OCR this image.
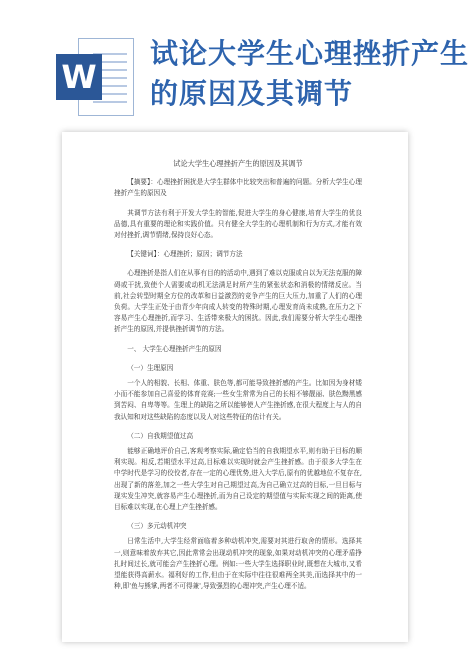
W
试论大学生心理挫折产生的原因及其调节

试论大学生心理挫折产生的原因及其调节

【摘要】：心理挫折困扰是大学生群体中比较突出和普遍的问题。分析大学生心理挫折产生的原因及

其调节方法有利于开发大学生的智能,促进大学生的身心健康,培育大学生的优良品德,具有重要的理论和实践价值。只有健全大学生的心理机制和行为方式,才能有效对付挫折,调节情绪,保持良好心态。

【关键词】：心理挫折；原因；调节方法

心理挫折是指人们在从事有目的的活动中,遇到了难以克服或自以为无法克服的障碍或干扰,致使个人需要或动机无法满足时所产生的紧张状态和消极的情绪反应。当前,社会转型时期全方位的改革和日益激烈的竞争产生的巨大压力,加重了人们的心理负荷。大学生正处于由青少年向成人转变的特殊时期,心理发育尚未成熟,在压力之下容易产生心理挫折,而学习、生活带来极大的困扰。因此,我们需要分析大学生心理挫折产生的原因,并提供挫折调节的方法。

一、 大学生心理挫折产生的原因

（一）生理原因

一个人的相貌、长相、体重、肤色等,都可能导致挫折感的产生。比如因为身材矮小而不能参加自己喜爱的体育竞赛;一些女生常常为自己的长相不够靓丽、肤色黝黑感到苦闷、自卑等等。生理上的缺陷之所以能够使人产生挫折感,在很大程度上与人的自我认知和对这些缺陷的态度以及人对这些特征的估计有关。

（二）自我期望值过高

能够正确地评价自己,客观考察实际,确定恰当的自我期望水平,则有助于目标的顺利实现。相反,若期望水平过高,目标难以实现时就会产生挫折感。由于很多大学生在中学时代是学习的佼佼者,存在一定的心理优势,进入大学后,原有的优越地位不复存在,出现了新的落差,加之一些大学生对自己期望过高,为自己确立过高的目标,一旦目标与现实发生冲突,就容易产生心理挫折,而为自己设定的期望值与实际实现之间的距离,使目标难以实现,在心理上产生挫折感。

（三）多元动机冲突

日常生活中,大学生经常面临着多种动机冲突,需要对其进行取舍的情形。选择其一,则意味着放弃其它,因此常常会出现动机冲突的现象,如果对动机冲突的心理矛盾挣扎时间过长,就可能会产生挫折心理。例如:一些大学生选择职业时,既想在大城市,又希望能获得高薪水。福利好的工作,但由于在实际中往往很难两全其美,而选择其中的一种,即'鱼与熊掌,两者不可得兼',导致强烈的心理冲突,产生心理不适。
